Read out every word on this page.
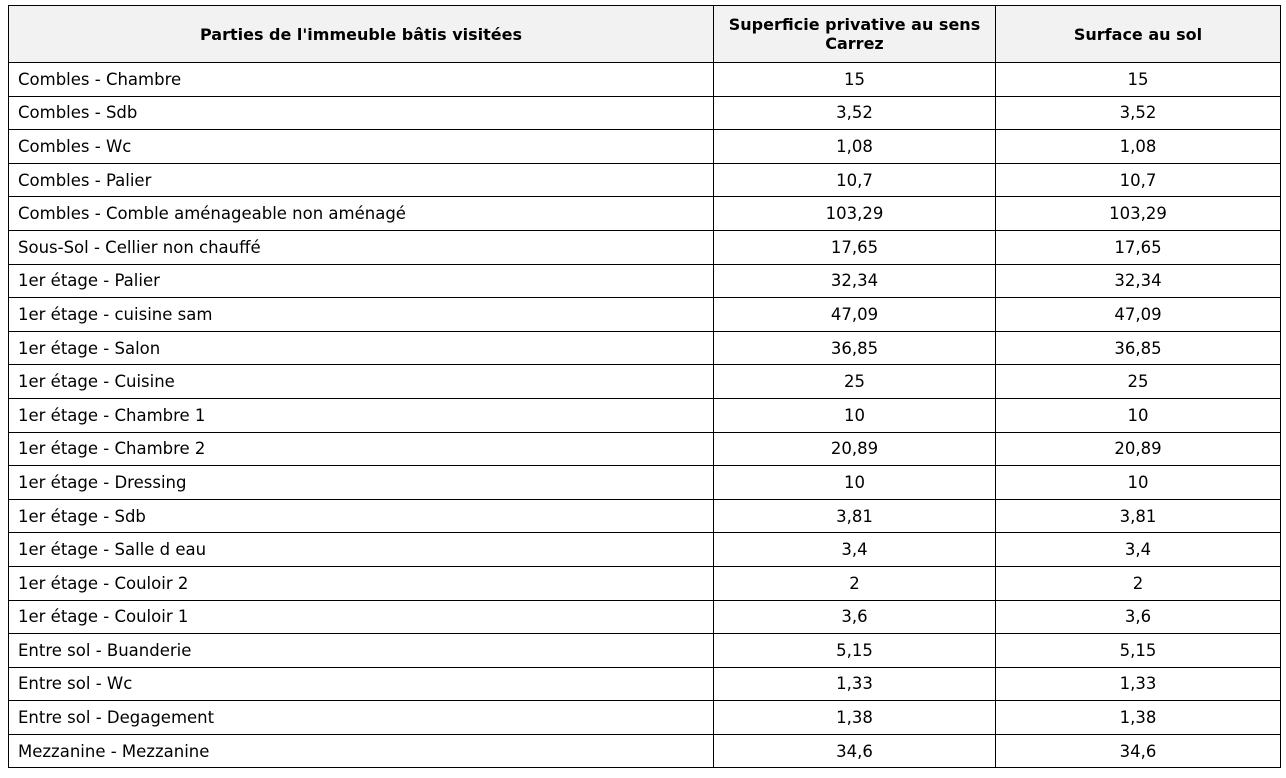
Parties de l'immeuble bâtis visitées	Superficie privative au sens Carrez	Surface au sol
Combles - Chambre	15	15
Combles - Sdb	3,52	3,52
Combles - Wc	1,08	1,08
Combles - Palier	10,7	10,7
Combles - Comble aménageable non aménagé	103,29	103,29
Sous-Sol - Cellier non chauffé	17,65	17,65
1er étage - Palier	32,34	32,34
1er étage - cuisine sam	47,09	47,09
1er étage - Salon	36,85	36,85
1er étage - Cuisine	25	25
1er étage - Chambre 1	10	10
1er étage - Chambre 2	20,89	20,89
1er étage - Dressing	10	10
1er étage - Sdb	3,81	3,81
1er étage - Salle d eau	3,4	3,4
1er étage - Couloir 2	2	2
1er étage - Couloir 1	3,6	3,6
Entre sol - Buanderie	5,15	5,15
Entre sol - Wc	1,33	1,33
Entre sol - Degagement	1,38	1,38
Mezzanine - Mezzanine	34,6	34,6
